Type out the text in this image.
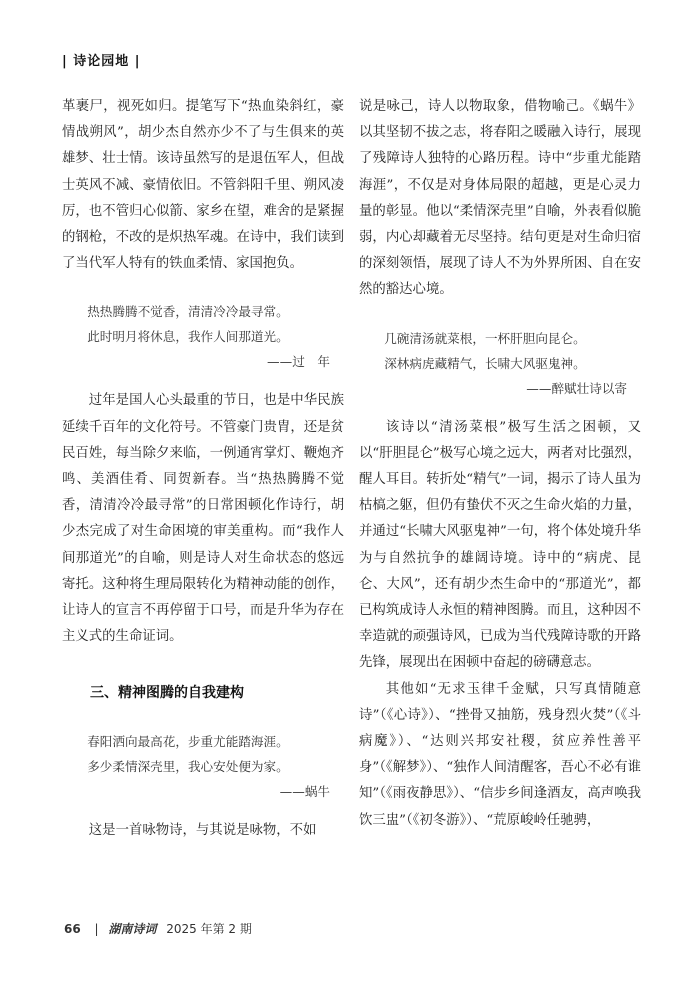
| 诗论园地 |

革裹尸，视死如归。提笔写下“热血染斜红，豪情战朔风”，胡少杰自然亦少不了与生俱来的英雄梦、壮士情。该诗虽然写的是退伍军人，但战士英风不减、豪情依旧。不管斜阳千里、朔风凌厉，也不管归心似箭、家乡在望，难舍的是紧握的钢枪，不改的是炽热军魂。在诗中，我们读到了当代军人特有的铁血柔情、家国抱负。

热热腾腾不觉香，清清冷冷最寻常。
此时明月将休息，我作人间那道光。
——过　年

过年是国人心头最重的节日，也是中华民族延续千百年的文化符号。不管豪门贵胄，还是贫民百姓，每当除夕来临，一例通宵掌灯、鞭炮齐鸣、美酒佳肴、同贺新春。当“热热腾腾不觉香，清清冷冷最寻常”的日常困顿化作诗行，胡少杰完成了对生命困境的审美重构。而“我作人间那道光”的自喻，则是诗人对生命状态的悠远寄托。这种将生理局限转化为精神动能的创作，让诗人的宣言不再停留于口号，而是升华为存在主义式的生命证词。

三、精神图腾的自我建构
春阳洒向最高花，步重尤能踏海涯。
多少柔情深壳里，我心安处便为家。
——蜗牛

这是一首咏物诗，与其说是咏物，不如

说是咏己，诗人以物取象，借物喻己。《蜗牛》以其坚韧不拔之志，将春阳之暖融入诗行，展现了残障诗人独特的心路历程。诗中“步重尤能踏海涯”，不仅是对身体局限的超越，更是心灵力量的彰显。他以“柔情深壳里”自喻，外表看似脆弱，内心却藏着无尽坚持。结句更是对生命归宿的深刻领悟，展现了诗人不为外界所困、自在安然的豁达心境。

几碗清汤就菜根，一杯肝胆向昆仑。
深林病虎藏精气，长啸大风驱鬼神。
——醉赋壮诗以寄

该诗以“清汤菜根”极写生活之困顿，又以“肝胆昆仑”极写心境之远大，两者对比强烈，醒人耳目。转折处“精气”一词，揭示了诗人虽为枯槁之躯，但仍有蛰伏不灭之生命火焰的力量，并通过“长啸大风驱鬼神”一句，将个体处境升华为与自然抗争的雄阔诗境。诗中的“病虎、昆仑、大风”，还有胡少杰生命中的“那道光”，都已构筑成诗人永恒的精神图腾。而且，这种因不幸造就的顽强诗风，已成为当代残障诗歌的开路先锋，展现出在困顿中奋起的磅礴意志。

其他如“无求玉律千金赋，只写真情随意诗”（《心诗》）、“挫骨又抽筋，残身烈火焚”（《斗病魔》）、“达则兴邦安社稷，贫应养性善平身”（《解梦》）、“独作人间清醒客，吾心不必有谁知”（《雨夜静思》）、“信步乡间逢酒友，高声唤我饮三盅”（《初冬游》）、“荒原峻岭任驰骋，

66 | 湖南诗词 2025 年第 2 期
